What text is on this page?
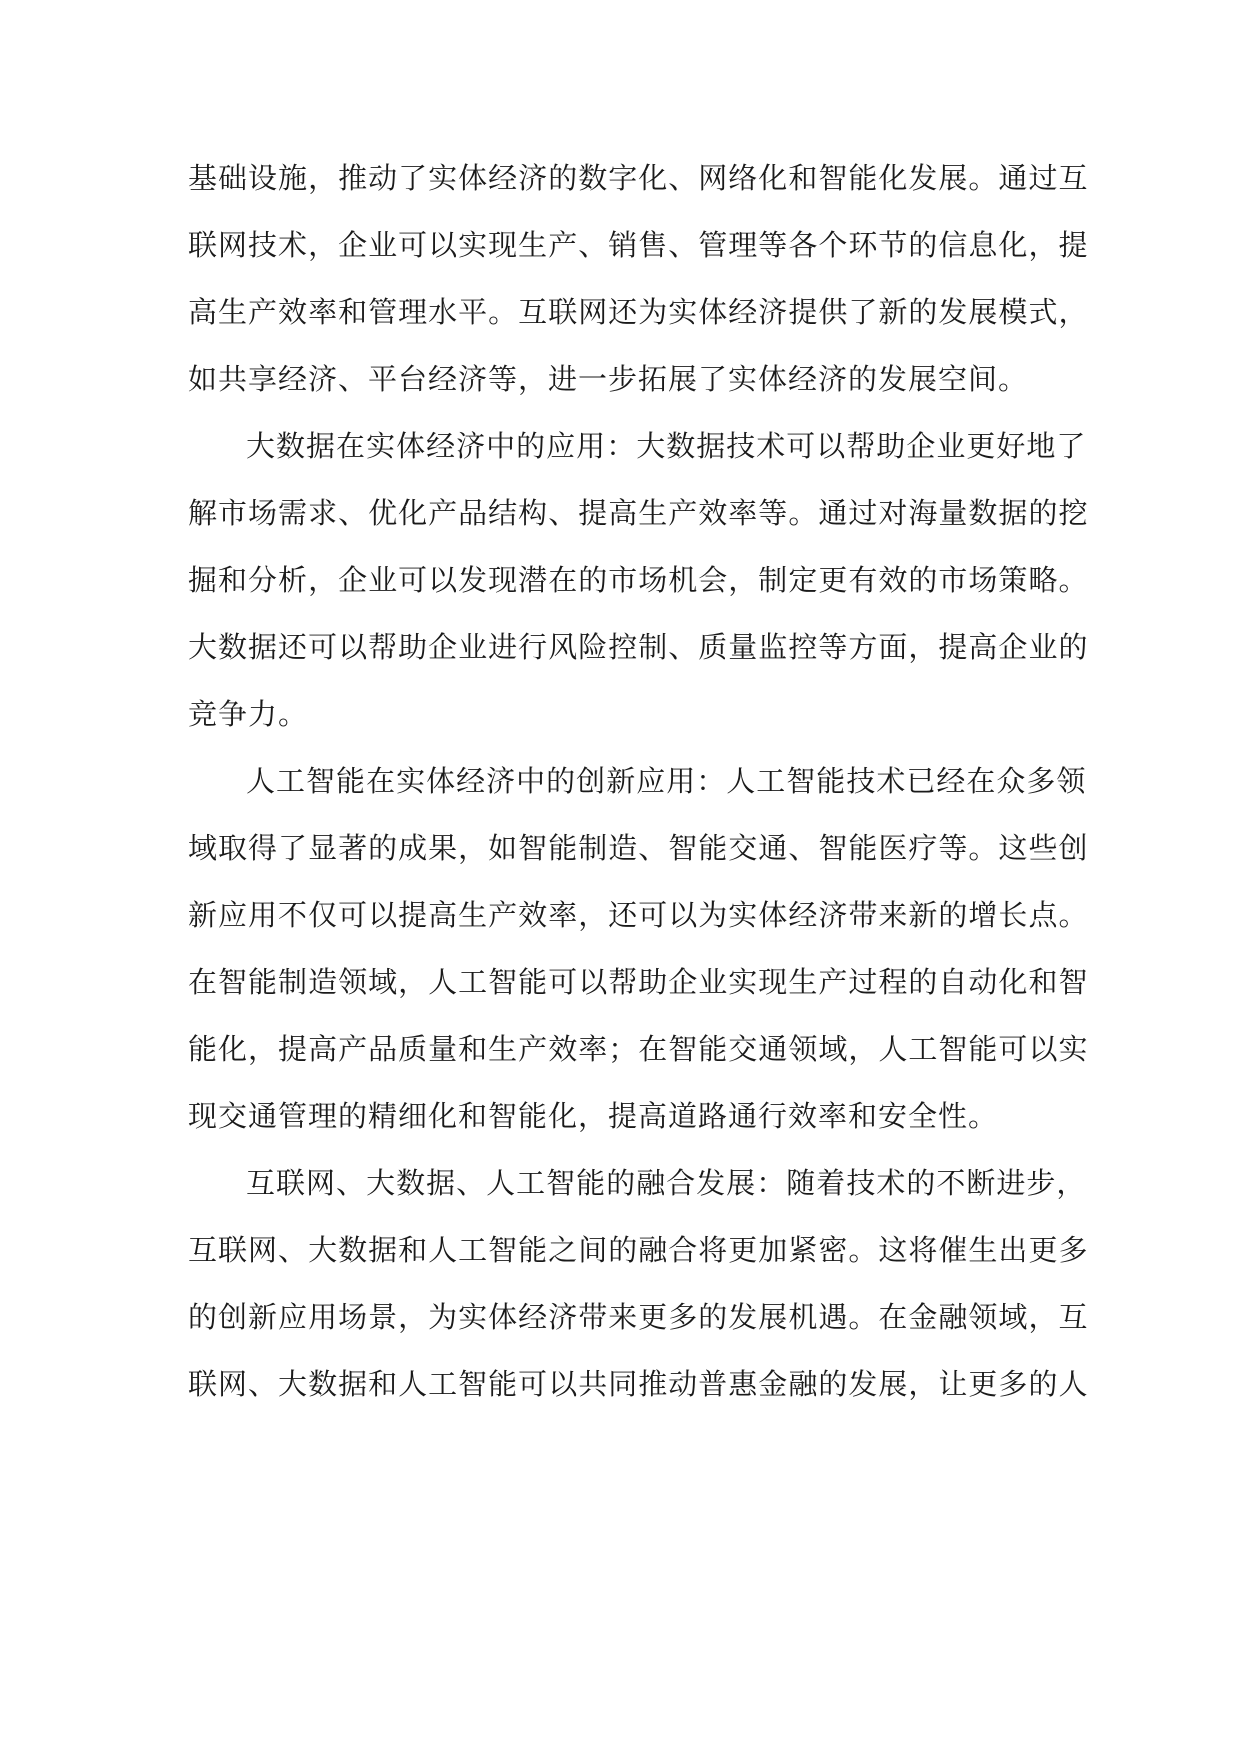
基 础 设 施 ， 推 动 了 实 体 经 济 的 数 字 化 、 网 络 化 和 智 能 化 发 展 。 通 过 互
联 网 技 术 ， 企 业 可 以 实 现 生 产 、 销 售 、 管 理 等 各 个 环 节 的 信 息 化 ， 提
高 生 产 效 率 和 管 理 水 平 。 互 联 网 还 为 实 体 经 济 提 供 了 新 的 发 展 模 式 ，
如共享经济、平台经济等，进一步拓展了实体经济的发展空间。
大 数 据 在 实 体 经 济 中 的 应 用 ： 大 数 据 技 术 可 以 帮 助 企 业 更 好 地 了
解 市 场 需 求 、 优 化 产 品 结 构 、 提 高 生 产 效 率 等 。 通 过 对 海 量 数 据 的 挖
掘 和 分 析 ， 企 业 可 以 发 现 潜 在 的 市 场 机 会 ， 制 定 更 有 效 的 市 场 策 略 。
大 数 据 还 可 以 帮 助 企 业 进 行 风 险 控 制 、 质 量 监 控 等 方 面 ， 提 高 企 业 的
竞争力。
人 工 智 能 在 实 体 经 济 中 的 创 新 应 用 ： 人 工 智 能 技 术 已 经 在 众 多 领
域 取 得 了 显 著 的 成 果 ， 如 智 能 制 造 、 智 能 交 通 、 智 能 医 疗 等 。 这 些 创
新 应 用 不 仅 可 以 提 高 生 产 效 率 ， 还 可 以 为 实 体 经 济 带 来 新 的 增 长 点 。
在 智 能 制 造 领 域 ， 人 工 智 能 可 以 帮 助 企 业 实 现 生 产 过 程 的 自 动 化 和 智
能 化 ， 提 高 产 品 质 量 和 生 产 效 率 ； 在 智 能 交 通 领 域 ， 人 工 智 能 可 以 实
现交通管理的精细化和智能化，提高道路通行效率和安全性。
互 联 网 、 大 数 据 、 人 工 智 能 的 融 合 发 展 ： 随 着 技 术 的 不 断 进 步 ，
互 联 网 、 大 数 据 和 人 工 智 能 之 间 的 融 合 将 更 加 紧 密 。 这 将 催 生 出 更 多
的 创 新 应 用 场 景 ， 为 实 体 经 济 带 来 更 多 的 发 展 机 遇 。 在 金 融 领 域 ， 互
联 网 、 大 数 据 和 人 工 智 能 可 以 共 同 推 动 普 惠 金 融 的 发 展 ， 让 更 多 的 人
